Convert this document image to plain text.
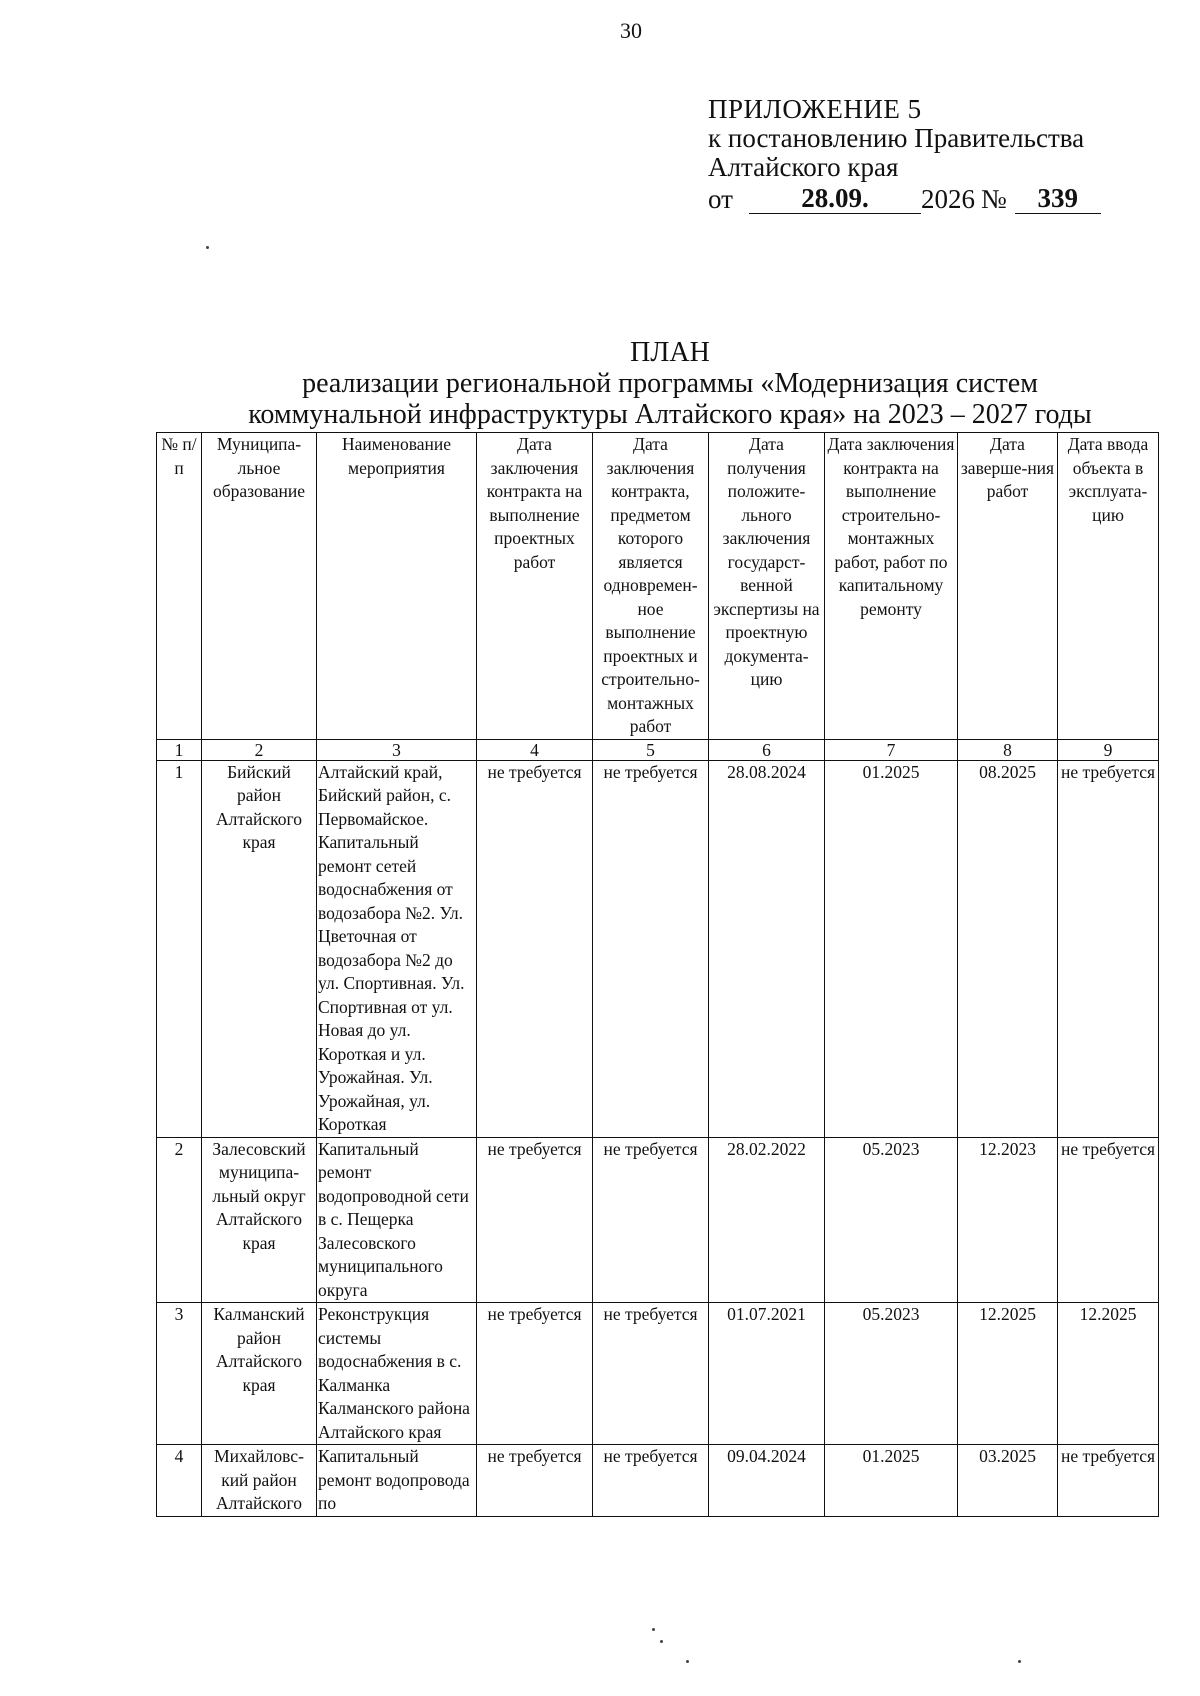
30
ПРИЛОЖЕНИЕ 5
к постановлению Правительства
Алтайского края
от	28.09.	2026 №	339
ПЛАН
реализации региональной программы «Модернизация систем
коммунальной инфраструктуры Алтайского края» на 2023 – 2027 годы
№ п/п	Муниципа-льное образование	Наименование мероприятия	Дата заключения контракта на выполнение проектных работ	Дата заключения контракта, предметом которого является одновремен-ное выполнение проектных и строительно-монтажных работ	Дата получения положите-льного заключения государст-венной экспертизы на проектную документа-цию	Дата заключения контракта на выполнение строительно-монтажных работ, работ по капитальному ремонту	Дата заверше-ния работ	Дата ввода объекта в эксплуата-цию
1	2	3	4	5	6	7	8	9
1	Бийский район Алтайского края	Алтайский край, Бийский район, с. Первомайское. Капитальный ремонт сетей водоснабжения от водозабора №2. Ул. Цветочная от водозабора №2 до ул. Спортивная. Ул. Спортивная от ул. Новая до ул. Короткая и ул. Урожайная. Ул. Урожайная, ул. Короткая	не требуется	не требуется	28.08.2024	01.2025	08.2025	не требуется
2	Залесовский муниципа-льный округ Алтайского края	Капитальный ремонт водопроводной сети в с. Пещерка Залесовского муниципального округа	не требуется	не требуется	28.02.2022	05.2023	12.2023	не требуется
3	Калманский район Алтайского края	Реконструкция системы водоснабжения в с. Калманка Калманского района Алтайского края	не требуется	не требуется	01.07.2021	05.2023	12.2025	12.2025
4	Михайловс-кий район Алтайского	Капитальный ремонт водопровода по	не требуется	не требуется	09.04.2024	01.2025	03.2025	не требуется
